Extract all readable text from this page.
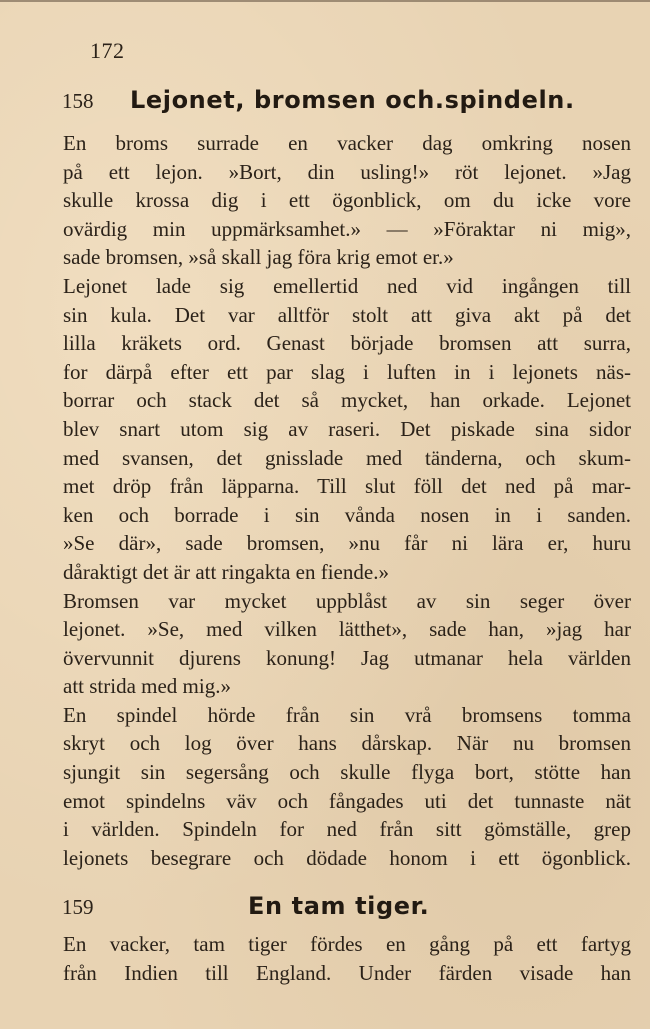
172
158	Lejonet, bromsen och.spindeln.
En broms surrade en vacker dag omkring nosen
på ett lejon. »Bort, din usling!» röt lejonet. »Jag
skulle krossa dig i ett ögonblick, om du icke vore
ovärdig min uppmärksamhet.» — »Föraktar ni mig»,
sade bromsen, »så skall jag föra krig emot er.»
Lejonet lade sig emellertid ned vid ingången till
sin kula. Det var alltför stolt att giva akt på det
lilla kräkets ord. Genast började bromsen att surra,
for därpå efter ett par slag i luften in i lejonets näs-
borrar och stack det så mycket, han orkade. Lejonet
blev snart utom sig av raseri. Det piskade sina sidor
med svansen, det gnisslade med tänderna, och skum-
met dröp från läpparna. Till slut föll det ned på mar-
ken och borrade i sin vånda nosen in i sanden.
»Se där», sade bromsen, »nu får ni lära er, huru
dåraktigt det är att ringakta en fiende.»
Bromsen var mycket uppblåst av sin seger över
lejonet. »Se, med vilken lätthet», sade han, »jag har
övervunnit djurens konung! Jag utmanar hela världen
att strida med mig.»
En spindel hörde från sin vrå bromsens tomma
skryt och log över hans dårskap. När nu bromsen
sjungit sin segersång och skulle flyga bort, stötte han
emot spindelns väv och fångades uti det tunnaste nät
i världen. Spindeln for ned från sitt gömställe, grep
lejonets besegrare och dödade honom i ett ögonblick.
159	En tam tiger.
En vacker, tam tiger fördes en gång på ett fartyg
från Indien till England. Under färden visade han
